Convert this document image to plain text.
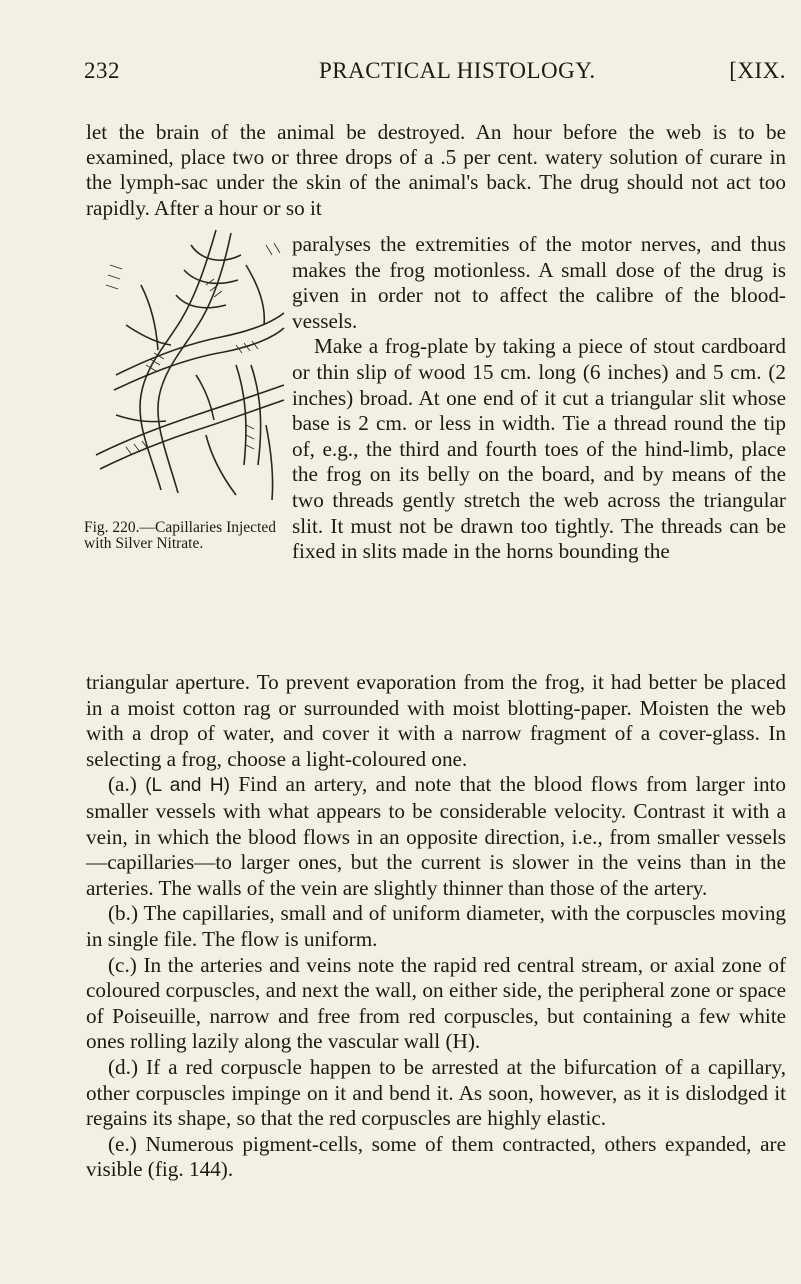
232	PRACTICAL HISTOLOGY.	[XIX.

let the brain of the animal be destroyed. An hour before the web is to be examined, place two or three drops of a .5 per cent. watery solution of curare in the lymph-sac under the skin of the animal's back. The drug should not act too rapidly. After a hour or so it

Fig. 220.—Capillaries Injected with Silver Nitrate.

paralyses the extremities of the motor nerves, and thus makes the frog motionless. A small dose of the drug is given in order not to affect the calibre of the blood-vessels.

Make a frog-plate by taking a piece of stout cardboard or thin slip of wood 15 cm. long (6 inches) and 5 cm. (2 inches) broad. At one end of it cut a triangular slit whose base is 2 cm. or less in width. Tie a thread round the tip of, e.g., the third and fourth toes of the hind-limb, place the frog on its belly on the board, and by means of the two threads gently stretch the web across the triangular slit. It must not be drawn too tightly. The threads can be fixed in slits made in the horns bounding the

triangular aperture. To prevent evaporation from the frog, it had better be placed in a moist cotton rag or surrounded with moist blotting-paper. Moisten the web with a drop of water, and cover it with a narrow fragment of a cover-glass. In selecting a frog, choose a light-coloured one.

(a.) (L and H) Find an artery, and note that the blood flows from larger into smaller vessels with what appears to be considerable velocity. Contrast it with a vein, in which the blood flows in an opposite direction, i.e., from smaller vessels—capillaries—to larger ones, but the current is slower in the veins than in the arteries. The walls of the vein are slightly thinner than those of the artery.

(b.) The capillaries, small and of uniform diameter, with the corpuscles moving in single file. The flow is uniform.

(c.) In the arteries and veins note the rapid red central stream, or axial zone of coloured corpuscles, and next the wall, on either side, the peripheral zone or space of Poiseuille, narrow and free from red corpuscles, but containing a few white ones rolling lazily along the vascular wall (H).

(d.) If a red corpuscle happen to be arrested at the bifurcation of a capillary, other corpuscles impinge on it and bend it. As soon, however, as it is dislodged it regains its shape, so that the red corpuscles are highly elastic.

(e.) Numerous pigment-cells, some of them contracted, others expanded, are visible (fig. 144).
